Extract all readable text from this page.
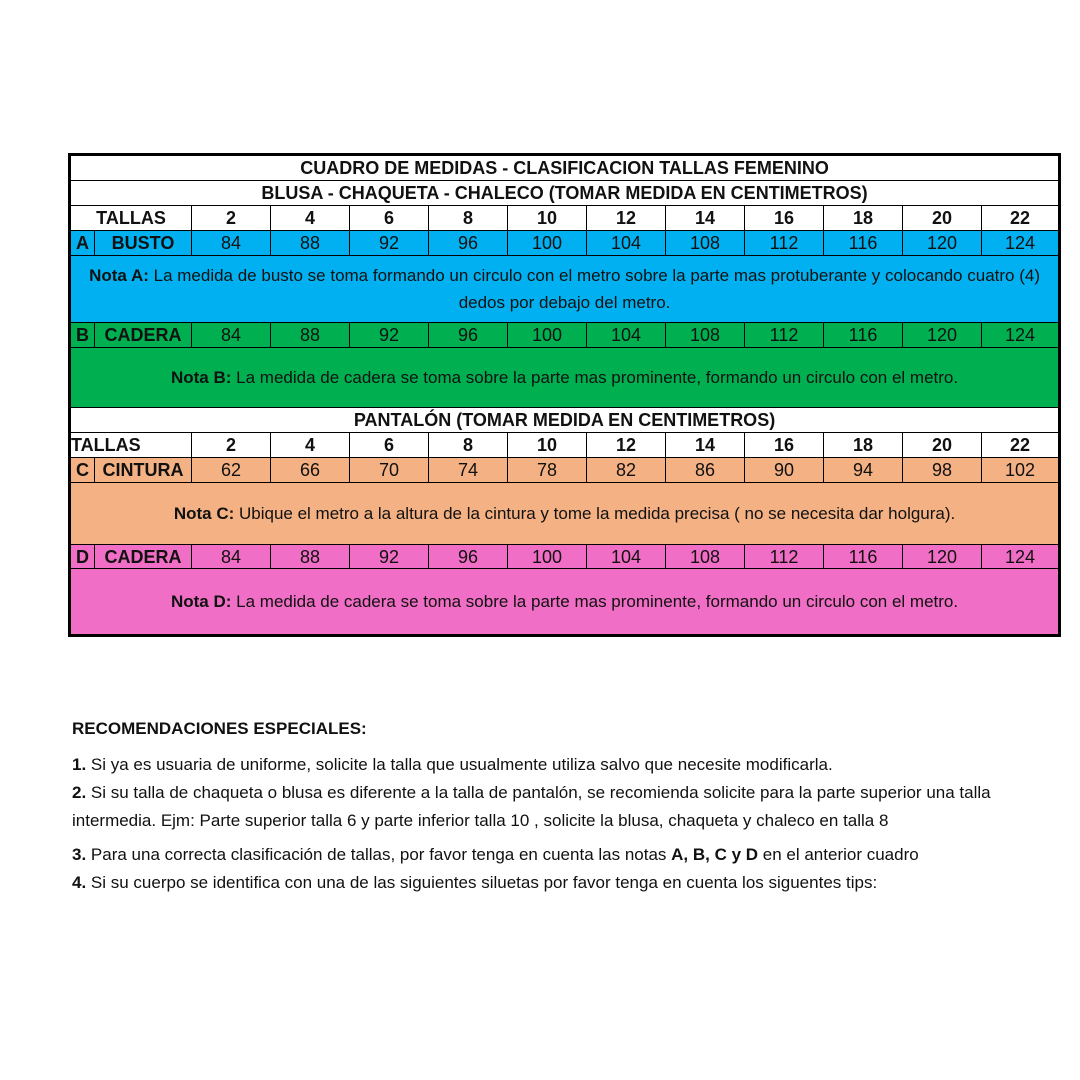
CUADRO DE MEDIDAS - CLASIFICACION TALLAS FEMENINO												
BLUSA - CHAQUETA - CHALECO (TOMAR MEDIDA EN CENTIMETROS)												
TALLAS		2	4	6	8	10	12	14	16	18	20	22
A	BUSTO	84	88	92	96	100	104	108	112	116	120	124
Nota A: La medida de busto se toma formando un circulo con el metro sobre la parte mas protuberante y colocando cuatro (4) dedos por debajo del metro.												
B	CADERA	84	88	92	96	100	104	108	112	116	120	124
Nota B: La medida de cadera se toma sobre la parte mas prominente, formando un circulo con el metro.												
PANTALÓN (TOMAR MEDIDA EN CENTIMETROS)												
TALLAS		2	4	6	8	10	12	14	16	18	20	22
C	CINTURA	62	66	70	74	78	82	86	90	94	98	102
Nota C: Ubique el metro a la altura de la cintura y tome la medida precisa ( no se necesita dar holgura).												
D	CADERA	84	88	92	96	100	104	108	112	116	120	124
Nota D: La medida de cadera se toma sobre la parte mas prominente, formando un circulo con el metro.												
RECOMENDACIONES ESPECIALES:

1. Si ya es usuaria de uniforme, solicite la talla que usualmente utiliza salvo que necesite modificarla.

2. Si su talla de chaqueta o blusa es diferente a la talla de pantalón, se recomienda solicite para la parte superior una talla intermedia. Ejm: Parte superior talla 6 y parte inferior talla 10 , solicite la blusa, chaqueta y chaleco en talla 8

3. Para una correcta clasificación de tallas, por favor tenga en cuenta las notas A, B, C y D en el anterior cuadro

4. Si su cuerpo se identifica con una de las siguientes siluetas por favor tenga en cuenta los siguentes tips:
